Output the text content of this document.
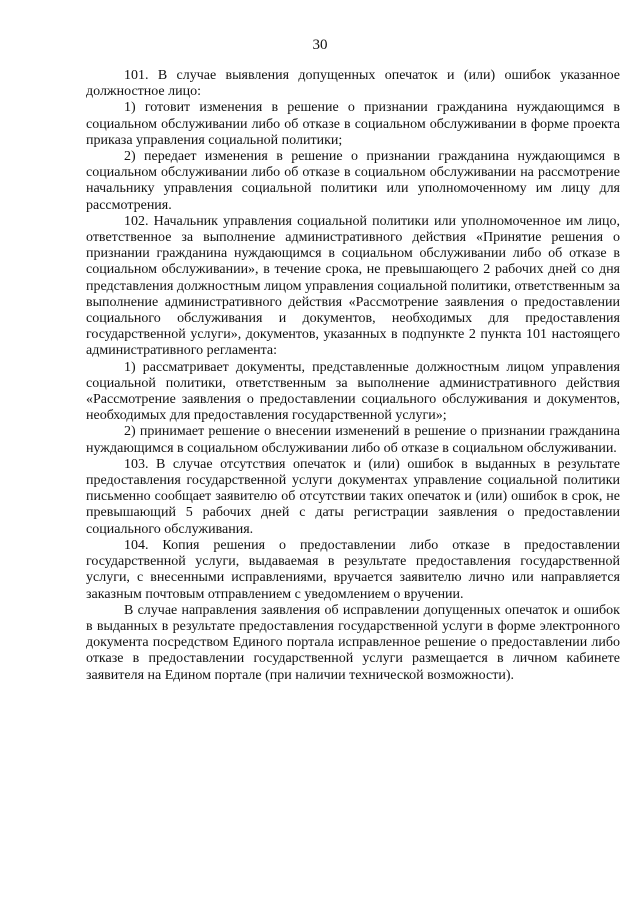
30

101. В случае выявления допущенных опечаток и (или) ошибок указанное должностное лицо:

1) готовит изменения в решение о признании гражданина нуждающимся в социальном обслуживании либо об отказе в социальном обслуживании в форме проекта приказа управления социальной политики;

2) передает изменения в решение о признании гражданина нуждающимся в социальном обслуживании либо об отказе в социальном обслуживании на рассмотрение начальнику управления социальной политики или уполномоченному им лицу для рассмотрения.

102. Начальник управления социальной политики или уполномоченное им лицо, ответственное за выполнение административного действия «Принятие решения о признании гражданина нуждающимся в социальном обслуживании либо об отказе в социальном обслуживании», в течение срока, не превышающего 2 рабочих дней со дня представления должностным лицом управления социальной политики, ответственным за выполнение административного действия «Рассмотрение заявления о предоставлении социального обслуживания и документов, необходимых для предоставления государственной услуги», документов, указанных в подпункте 2 пункта 101 настоящего административного регламента:

1) рассматривает документы, представленные должностным лицом управления социальной политики, ответственным за выполнение административного действия «Рассмотрение заявления о предоставлении социального обслуживания и документов, необходимых для предоставления государственной услуги»;

2) принимает решение о внесении изменений в решение о признании гражданина нуждающимся в социальном обслуживании либо об отказе в социальном обслуживании.

103. В случае отсутствия опечаток и (или) ошибок в выданных в результате предоставления государственной услуги документах управление социальной политики письменно сообщает заявителю об отсутствии таких опечаток и (или) ошибок в срок, не превышающий 5 рабочих дней с даты регистрации заявления о предоставлении социального обслуживания.

104. Копия решения о предоставлении либо отказе в предоставлении государственной услуги, выдаваемая в результате предоставления государственной услуги, с внесенными исправлениями, вручается заявителю лично или направляется заказным почтовым отправлением с уведомлением о вручении.

В случае направления заявления об исправлении допущенных опечаток и ошибок в выданных в результате предоставления государственной услуги в форме электронного документа посредством Единого портала исправленное решение о предоставлении либо отказе в предоставлении государственной услуги размещается в личном кабинете заявителя на Едином портале (при наличии технической возможности).
